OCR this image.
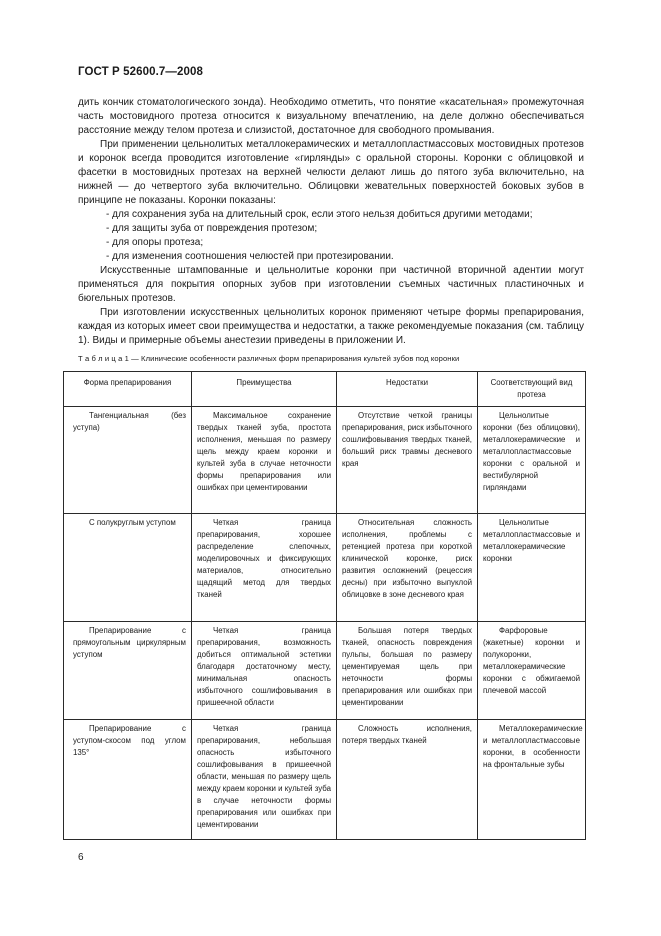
ГОСТ Р 52600.7—2008

дить кончик стоматологического зонда). Необходимо отметить, что понятие «касательная» промежуточная часть мостовидного протеза относится к визуальному впечатлению, на деле должно обеспечиваться расстояние между телом протеза и слизистой, достаточное для свободного промывания.

При применении цельнолитых металлокерамических и металлопластмассовых мостовидных протезов и коронок всегда проводится изготовление «гирлянды» с оральной стороны. Коронки с облицовкой и фасетки в мостовидных протезах на верхней челюсти делают лишь до пятого зуба включительно, на нижней — до четвертого зуба включительно. Облицовки жевательных поверхностей боковых зубов в принципе не показаны. Коронки показаны:

- для сохранения зуба на длительный срок, если этого нельзя добиться другими методами;
- для защиты зуба от повреждения протезом;
- для опоры протеза;
- для изменения соотношения челюстей при протезировании.

Искусственные штампованные и цельнолитые коронки при частичной вторичной адентии могут применяться для покрытия опорных зубов при изготовлении съемных частичных пластиночных и бюгельных протезов.

При изготовлении искусственных цельнолитых коронок применяют четыре формы препарирования, каждая из которых имеет свои преимущества и недостатки, а также рекомендуемые показания (см. таблицу 1). Виды и примерные объемы анестезии приведены в приложении И.

Т а б л и ц а 1 — Клинические особенности различных форм препарирования культей зубов под коронки
Форма препарирования	Преимущества	Недостатки	Соответствующий вид протеза

Тангенциальная (без уступа)	Максимальное сохранение твердых тканей зуба, простота исполнения, меньшая по размеру щель между краем коронки и культей зуба в случае неточности формы препарирования или ошибках при цементировании	Отсутствие четкой границы препарирования, риск избыточного сошлифовывания твердых тканей, больший риск травмы десневого края	Цельнолитые коронки (без облицовки), металлокерамические и металлопластмассовые коронки с оральной и вестибулярной гирляндами

С полукруглым уступом	Четкая граница препарирования, хорошее распределение слепочных, моделировочных и фиксирующих материалов, относительно щадящий метод для твердых тканей	Относительная сложность исполнения, проблемы с ретенцией протеза при короткой клинической коронке, риск развития осложнений (рецессия десны) при избыточно выпуклой облицовке в зоне десневого края	Цельнолитые металлопластмассовые и металлокерамические коронки

Препарирование с прямоугольным циркулярным уступом	Четкая граница препарирования, возможность добиться оптимальной эстетики благодаря достаточному месту, минимальная опасность избыточного сошлифовывания в пришеечной области	Большая потеря твердых тканей, опасность повреждения пульпы, большая по размеру цементируемая щель при неточности формы препарирования или ошибках при цементировании	Фарфоровые (жакетные) коронки и полукоронки, металлокерамические коронки с обжигаемой плечевой массой

Препарирование с уступом-скосом под углом 135°	Четкая граница препарирования, небольшая опасность избыточного сошлифовывания в пришеечной области, меньшая по размеру щель между краем коронки и культей зуба в случае неточности формы препарирования или ошибках при цементировании	Сложность исполнения, потеря твердых тканей	Металлокерамические и металлопластмассовые коронки, в особенности на фронтальные зубы
6
